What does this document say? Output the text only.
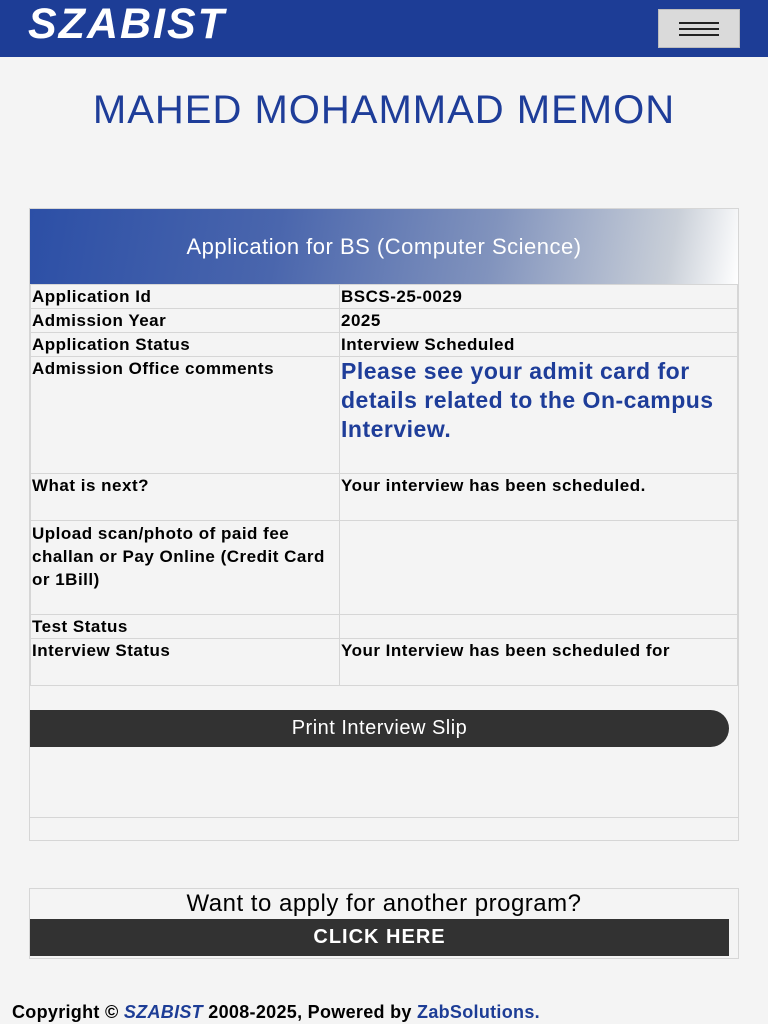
SZABIST
MAHED MOHAMMAD MEMON
Application for BS (Computer Science)
Application Id	BSCS-25-0029
Admission Year	2025
Application Status	Interview Scheduled
Admission Office comments	Please see your admit card for details related to the On-campus Interview.
What is next?	Your interview has been scheduled.
Upload scan/photo of paid fee challan or Pay Online (Credit Card or 1Bill)	
Test Status	
Interview Status	Your Interview has been scheduled for
Print Interview Slip
Want to apply for another program?
CLICK HERE
Copyright © SZABIST 2008-2025, Powered by ZabSolutions.
